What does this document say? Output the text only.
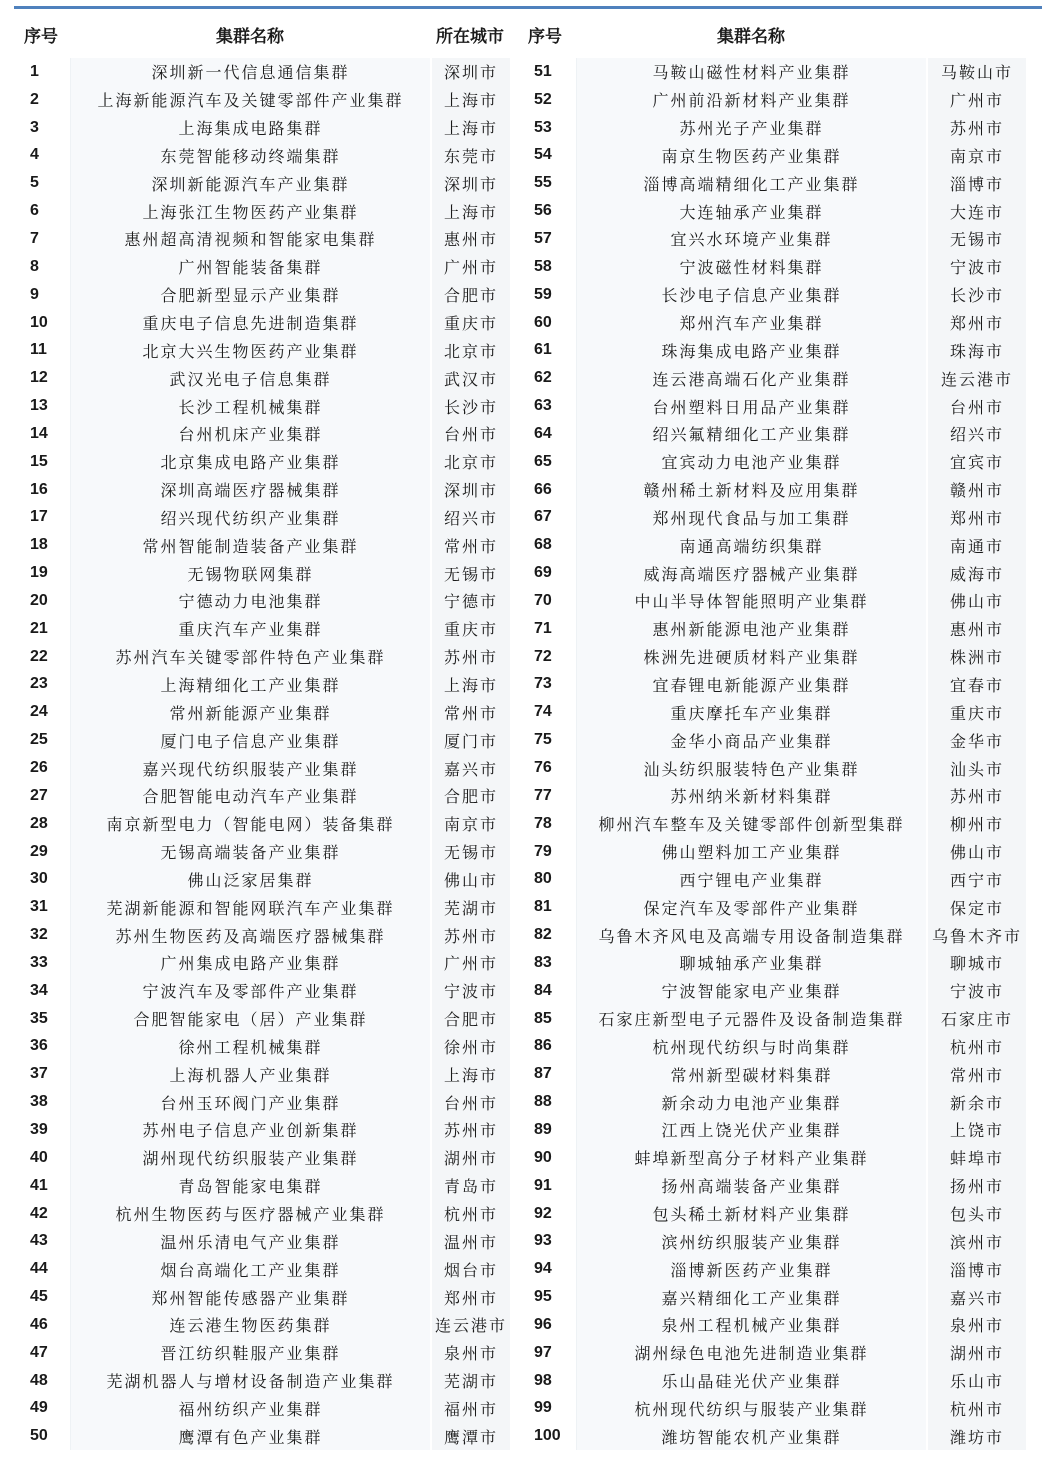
序号	集群名称	所在城市
1	深圳新一代信息通信集群	深圳市
2	上海新能源汽车及关键零部件产业集群	上海市
3	上海集成电路集群	上海市
4	东莞智能移动终端集群	东莞市
5	深圳新能源汽车产业集群	深圳市
6	上海张江生物医药产业集群	上海市
7	惠州超高清视频和智能家电集群	惠州市
8	广州智能装备集群	广州市
9	合肥新型显示产业集群	合肥市
10	重庆电子信息先进制造集群	重庆市
11	北京大兴生物医药产业集群	北京市
12	武汉光电子信息集群	武汉市
13	长沙工程机械集群	长沙市
14	台州机床产业集群	台州市
15	北京集成电路产业集群	北京市
16	深圳高端医疗器械集群	深圳市
17	绍兴现代纺织产业集群	绍兴市
18	常州智能制造装备产业集群	常州市
19	无锡物联网集群	无锡市
20	宁德动力电池集群	宁德市
21	重庆汽车产业集群	重庆市
22	苏州汽车关键零部件特色产业集群	苏州市
23	上海精细化工产业集群	上海市
24	常州新能源产业集群	常州市
25	厦门电子信息产业集群	厦门市
26	嘉兴现代纺织服装产业集群	嘉兴市
27	合肥智能电动汽车产业集群	合肥市
28	南京新型电力（智能电网）装备集群	南京市
29	无锡高端装备产业集群	无锡市
30	佛山泛家居集群	佛山市
31	芜湖新能源和智能网联汽车产业集群	芜湖市
32	苏州生物医药及高端医疗器械集群	苏州市
33	广州集成电路产业集群	广州市
34	宁波汽车及零部件产业集群	宁波市
35	合肥智能家电（居）产业集群	合肥市
36	徐州工程机械集群	徐州市
37	上海机器人产业集群	上海市
38	台州玉环阀门产业集群	台州市
39	苏州电子信息产业创新集群	苏州市
40	湖州现代纺织服装产业集群	湖州市
41	青岛智能家电集群	青岛市
42	杭州生物医药与医疗器械产业集群	杭州市
43	温州乐清电气产业集群	温州市
44	烟台高端化工产业集群	烟台市
45	郑州智能传感器产业集群	郑州市
46	连云港生物医药集群	连云港市
47	晋江纺织鞋服产业集群	泉州市
48	芜湖机器人与增材设备制造产业集群	芜湖市
49	福州纺织产业集群	福州市
50	鹰潭有色产业集群	鹰潭市
序号	集群名称
51	马鞍山磁性材料产业集群	马鞍山市
52	广州前沿新材料产业集群	广州市
53	苏州光子产业集群	苏州市
54	南京生物医药产业集群	南京市
55	淄博高端精细化工产业集群	淄博市
56	大连轴承产业集群	大连市
57	宜兴水环境产业集群	无锡市
58	宁波磁性材料集群	宁波市
59	长沙电子信息产业集群	长沙市
60	郑州汽车产业集群	郑州市
61	珠海集成电路产业集群	珠海市
62	连云港高端石化产业集群	连云港市
63	台州塑料日用品产业集群	台州市
64	绍兴氟精细化工产业集群	绍兴市
65	宜宾动力电池产业集群	宜宾市
66	赣州稀土新材料及应用集群	赣州市
67	郑州现代食品与加工集群	郑州市
68	南通高端纺织集群	南通市
69	威海高端医疗器械产业集群	威海市
70	中山半导体智能照明产业集群	佛山市
71	惠州新能源电池产业集群	惠州市
72	株洲先进硬质材料产业集群	株洲市
73	宜春锂电新能源产业集群	宜春市
74	重庆摩托车产业集群	重庆市
75	金华小商品产业集群	金华市
76	汕头纺织服装特色产业集群	汕头市
77	苏州纳米新材料集群	苏州市
78	柳州汽车整车及关键零部件创新型集群	柳州市
79	佛山塑料加工产业集群	佛山市
80	西宁锂电产业集群	西宁市
81	保定汽车及零部件产业集群	保定市
82	乌鲁木齐风电及高端专用设备制造集群	乌鲁木齐市
83	聊城轴承产业集群	聊城市
84	宁波智能家电产业集群	宁波市
85	石家庄新型电子元器件及设备制造集群	石家庄市
86	杭州现代纺织与时尚集群	杭州市
87	常州新型碳材料集群	常州市
88	新余动力电池产业集群	新余市
89	江西上饶光伏产业集群	上饶市
90	蚌埠新型高分子材料产业集群	蚌埠市
91	扬州高端装备产业集群	扬州市
92	包头稀土新材料产业集群	包头市
93	滨州纺织服装产业集群	滨州市
94	淄博新医药产业集群	淄博市
95	嘉兴精细化工产业集群	嘉兴市
96	泉州工程机械产业集群	泉州市
97	湖州绿色电池先进制造业集群	湖州市
98	乐山晶硅光伏产业集群	乐山市
99	杭州现代纺织与服装产业集群	杭州市
100	潍坊智能农机产业集群	潍坊市
